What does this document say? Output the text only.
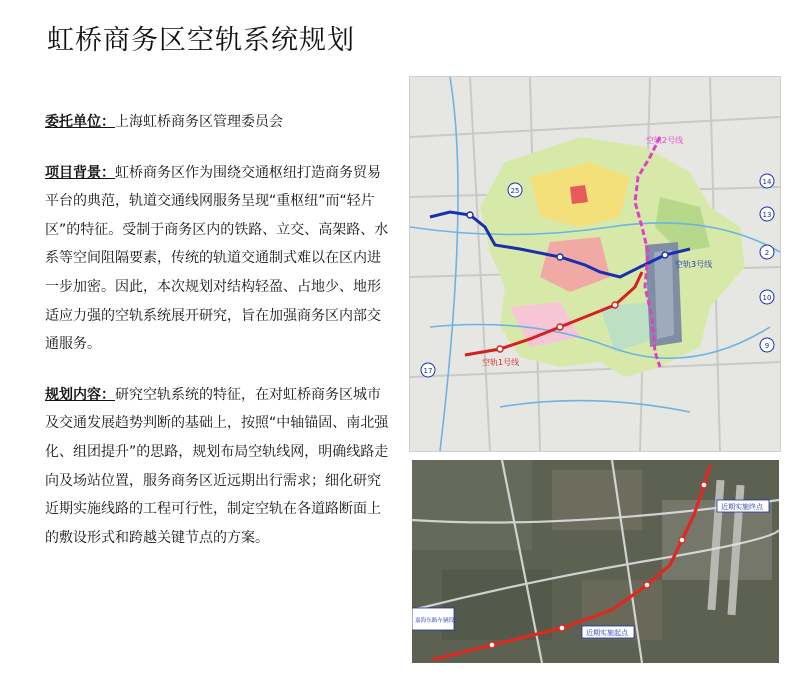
虹桥商务区空轨系统规划

委托单位：上海虹桥商务区管理委员会

项目背景：虹桥商务区作为围绕交通枢纽打造商务贸易平台的典范，轨道交通线网服务呈现“重枢纽”而“轻片区”的特征。受制于商务区内的铁路、立交、高架路、水系等空间阻隔要素，传统的轨道交通制式难以在区内进一步加密。因此，本次规划对结构轻盈、占地少、地形适应力强的空轨系统展开研究，旨在加强商务区内部交通服务。

规划内容：研究空轨系统的特征，在对虹桥商务区城市及交通发展趋势判断的基础上，按照“中轴锚固、南北强化、组团提升”的思路，规划布局空轨线网，明确线路走向及场站位置，服务商务区近远期出行需求；细化研究近期实施线路的工程可行性，制定空轨在各道路断面上的敷设形式和跨越关键节点的方案。

空轨2号线
空轨3号线
空轨1号线
14
13
2
10
9
17
25
近期实施终点
近期实施起点
嘉海东路车辆段
